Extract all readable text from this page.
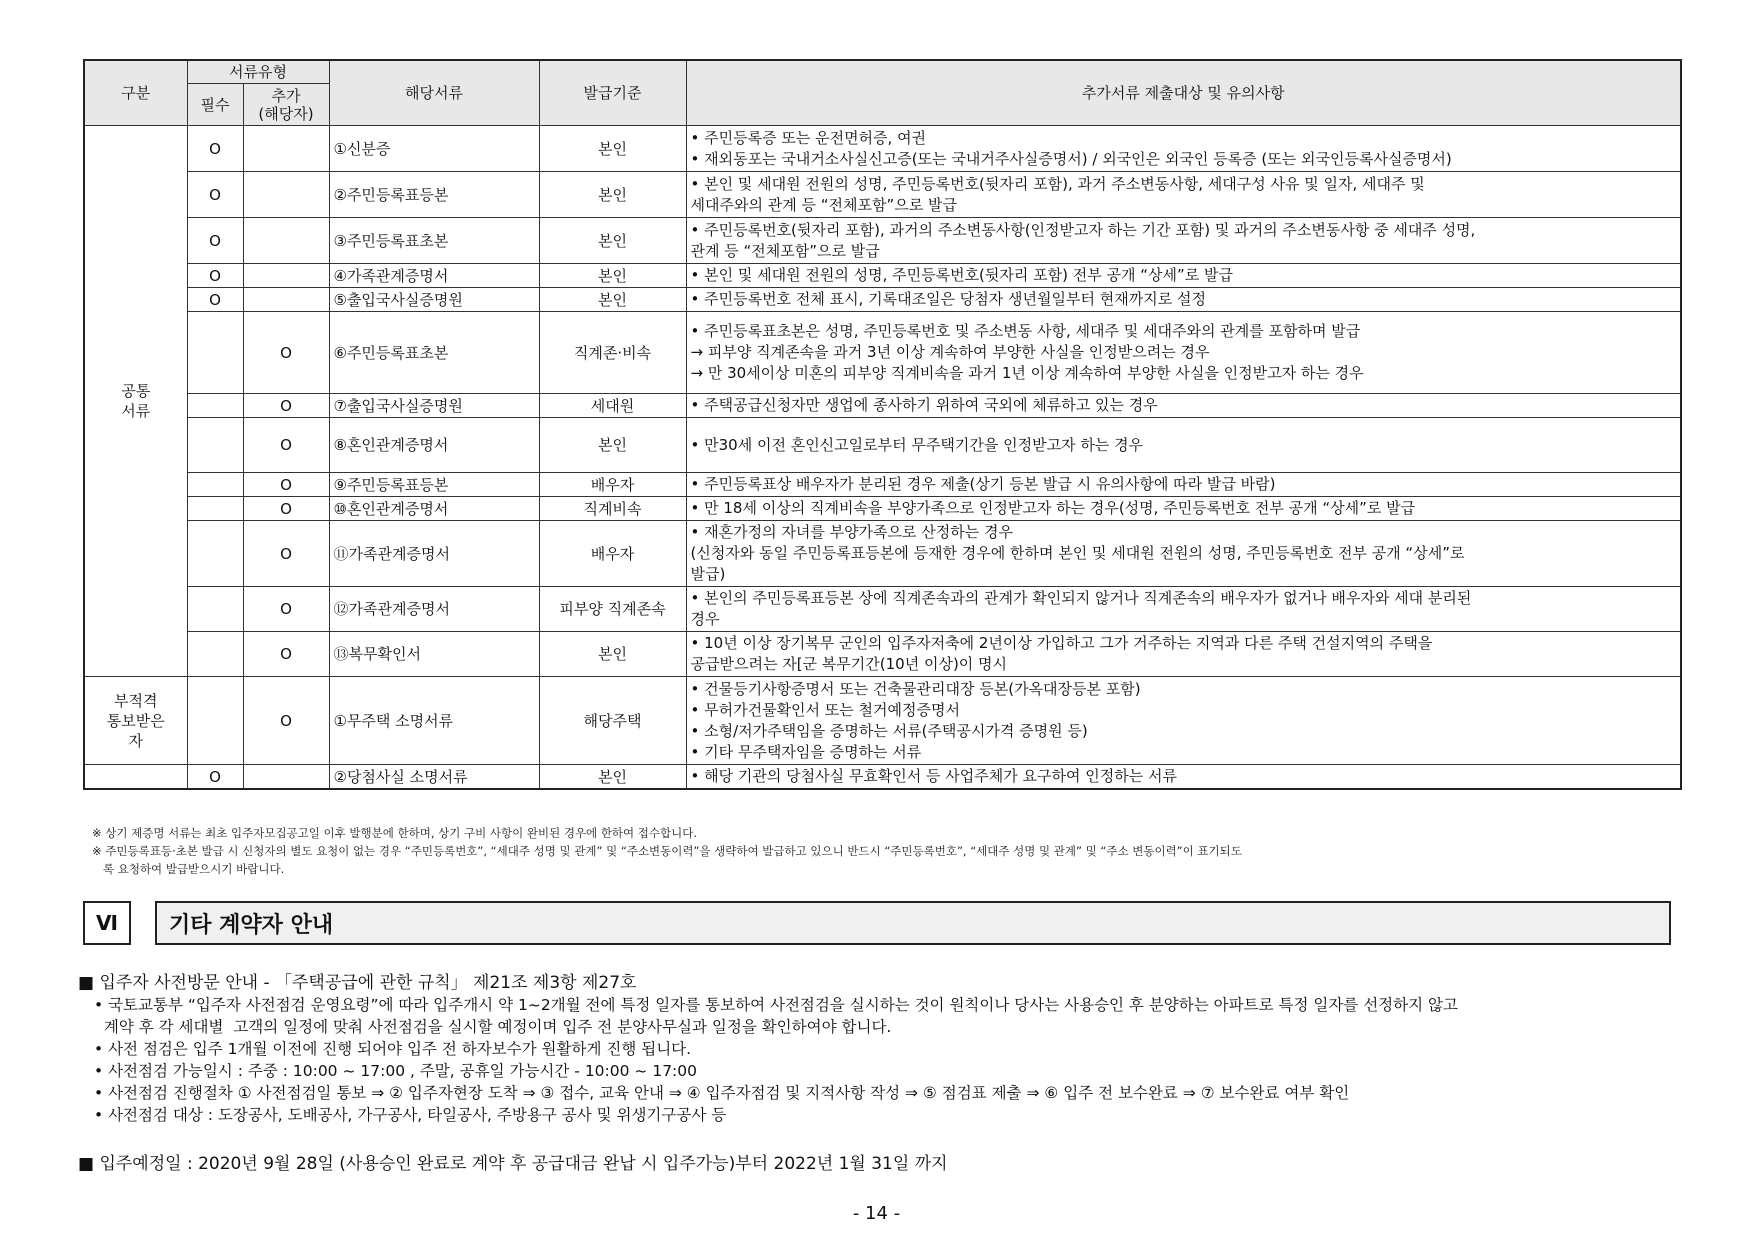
구분	서류유형		해당서류	발급기준	추가서류 제출대상 및 유의사항
	필수	추가
(해당자)			
공통
서류	O		①신분증	본인	• 주민등록증 또는 운전면허증, 여권
• 재외동포는 국내거소사실신고증(또는 국내거주사실증명서) / 외국인은 외국인 등록증 (또는 외국인등록사실증명서)
	O		②주민등록표등본	본인	• 본인 및 세대원 전원의 성명, 주민등록번호(뒷자리 포함), 과거 주소변동사항, 세대구성 사유 및 일자, 세대주 및
세대주와의 관계 등 “전체포함”으로 발급
	O		③주민등록표초본	본인	• 주민등록번호(뒷자리 포함), 과거의 주소변동사항(인정받고자 하는 기간 포함) 및 과거의 주소변동사항 중 세대주 성명,
관계 등 “전체포함”으로 발급
	O		④가족관계증명서	본인	• 본인 및 세대원 전원의 성명, 주민등록번호(뒷자리 포함) 전부 공개 “상세”로 발급
	O		⑤출입국사실증명원	본인	• 주민등록번호 전체 표시, 기록대조일은 당첨자 생년월일부터 현재까지로 설정
		O	⑥주민등록표초본	직계존·비속	• 주민등록표초본은 성명, 주민등록번호 및 주소변동 사항, 세대주 및 세대주와의 관계를 포함하며 발급
→ 피부양 직계존속을 과거 3년 이상 계속하여 부양한 사실을 인정받으려는 경우
→ 만 30세이상 미혼의 피부양 직계비속을 과거 1년 이상 계속하여 부양한 사실을 인정받고자 하는 경우
		O	⑦출입국사실증명원	세대원	• 주택공급신청자만 생업에 종사하기 위하여 국외에 체류하고 있는 경우
		O	⑧혼인관계증명서	본인	• 만30세 이전 혼인신고일로부터 무주택기간을 인정받고자 하는 경우
		O	⑨주민등록표등본	배우자	• 주민등록표상 배우자가 분리된 경우 제출(상기 등본 발급 시 유의사항에 따라 발급 바람)
		O	⑩혼인관계증명서	직계비속	• 만 18세 이상의 직계비속을 부양가족으로 인정받고자 하는 경우(성명, 주민등록번호 전부 공개 “상세”로 발급
		O	⑪가족관계증명서	배우자	• 재혼가정의 자녀를 부양가족으로 산정하는 경우
(신청자와 동일 주민등록표등본에 등재한 경우에 한하며 본인 및 세대원 전원의 성명, 주민등록번호 전부 공개 “상세”로
발급)
		O	⑫가족관계증명서	피부양 직계존속	• 본인의 주민등록표등본 상에 직계존속과의 관계가 확인되지 않거나 직계존속의 배우자가 없거나 배우자와 세대 분리된
경우
		O	⑬복무확인서	본인	• 10년 이상 장기복무 군인의 입주자저축에 2년이상 가입하고 그가 거주하는 지역과 다른 주택 건설지역의 주택을
공급받으려는 자[군 복무기간(10년 이상)이 명시
부적격
통보받은
자		O	①무주택 소명서류	해당주택	• 건물등기사항증명서 또는 건축물관리대장 등본(가옥대장등본 포함)
• 무허가건물확인서 또는 철거예정증명서
• 소형/저가주택임을 증명하는 서류(주택공시가격 증명원 등)
• 기타 무주택자임을 증명하는 서류
	O		②당첨사실 소명서류	본인	• 해당 기관의 당첨사실 무효확인서 등 사업주체가 요구하여 인정하는 서류
※ 상기 제증명 서류는 최초 입주자모집공고일 이후 발행분에 한하며, 상기 구비 사항이 완비된 경우에 한하여 접수합니다.
※ 주민등록표등·초본 발급 시 신청자의 별도 요청이 없는 경우 “주민등록번호”, “세대주 성명 및 관계” 및 “주소변동이력”을 생략하여 발급하고 있으니 반드시 “주민등록번호”, “세대주 성명 및 관계” 및 “주소 변동이력”이 표기되도
록 요청하여 발급받으시기 바랍니다.
Ⅵ	기타 계약자 안내
■ 입주자 사전방문 안내 - 「주택공급에 관한 규칙」 제21조 제3항 제27호
• 국토교통부 “입주자 사전점검 운영요령”에 따라 입주개시 약 1~2개월 전에 특정 일자를 통보하여 사전점검을 실시하는 것이 원칙이나 당사는 사용승인 후 분양하는 아파트로 특정 일자를 선정하지 않고
계약 후 각 세대별  고객의 일정에 맞춰 사전점검을 실시할 예정이며 입주 전 분양사무실과 일정을 확인하여야 합니다.
• 사전 점검은 입주 1개월 이전에 진행 되어야 입주 전 하자보수가 원활하게 진행 됩니다.
• 사전점검 가능일시 : 주중 : 10:00 ~ 17:00 , 주말, 공휴일 가능시간 - 10:00 ~ 17:00
• 사전점검 진행절차 ① 사전점검일 통보 ⇒ ② 입주자현장 도착 ⇒ ③ 접수, 교육 안내 ⇒ ④ 입주자점검 및 지적사항 작성 ⇒ ⑤ 점검표 제출 ⇒ ⑥ 입주 전 보수완료 ⇒ ⑦ 보수완료 여부 확인
• 사전점검 대상 : 도장공사, 도배공사, 가구공사, 타일공사, 주방용구 공사 및 위생기구공사 등
■ 입주예정일 : 2020년 9월 28일 (사용승인 완료로 계약 후 공급대금 완납 시 입주가능)부터 2022년 1월 31일 까지
- 14 -
